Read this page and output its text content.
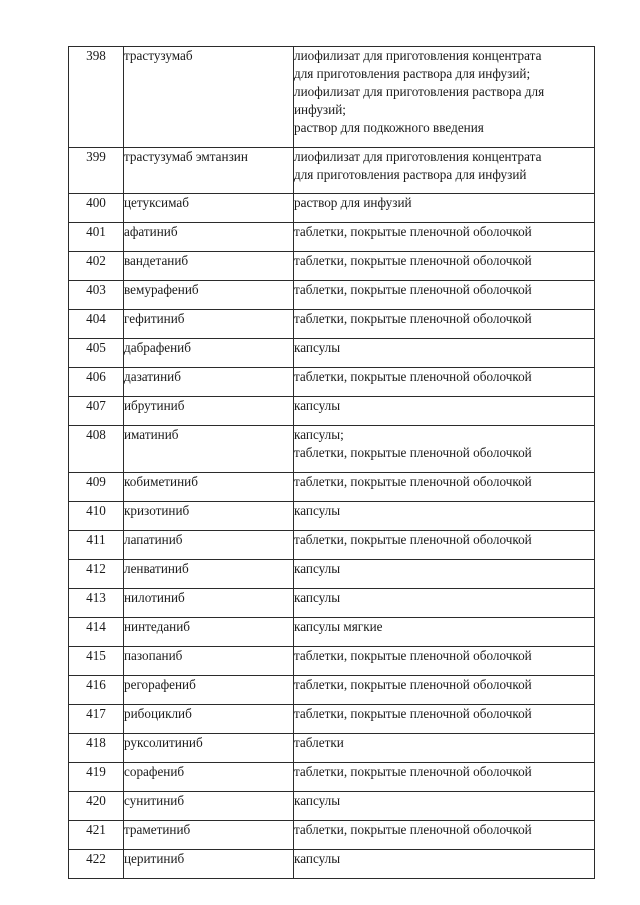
398	трастузумаб	лиофилизат для приготовления концентрата
для приготовления раствора для инфузий;
лиофилизат для приготовления раствора для
инфузий;
раствор для подкожного введения

399	трастузумаб эмтанзин	лиофилизат для приготовления концентрата
для приготовления раствора для инфузий

400	цетуксимаб	раствор для инфузий

401	афатиниб	таблетки, покрытые пленочной оболочкой

402	вандетаниб	таблетки, покрытые пленочной оболочкой

403	вемурафениб	таблетки, покрытые пленочной оболочкой

404	гефитиниб	таблетки, покрытые пленочной оболочкой

405	дабрафениб	капсулы

406	дазатиниб	таблетки, покрытые пленочной оболочкой

407	ибрутиниб	капсулы

408	иматиниб	капсулы;
таблетки, покрытые пленочной оболочкой

409	кобиметиниб	таблетки, покрытые пленочной оболочкой

410	кризотиниб	капсулы

411	лапатиниб	таблетки, покрытые пленочной оболочкой

412	ленватиниб	капсулы

413	нилотиниб	капсулы

414	нинтеданиб	капсулы мягкие

415	пазопаниб	таблетки, покрытые пленочной оболочкой

416	регорафениб	таблетки, покрытые пленочной оболочкой

417	рибоциклиб	таблетки, покрытые пленочной оболочкой

418	руксолитиниб	таблетки

419	сорафениб	таблетки, покрытые пленочной оболочкой

420	сунитиниб	капсулы

421	траметиниб	таблетки, покрытые пленочной оболочкой

422	церитиниб	капсулы
